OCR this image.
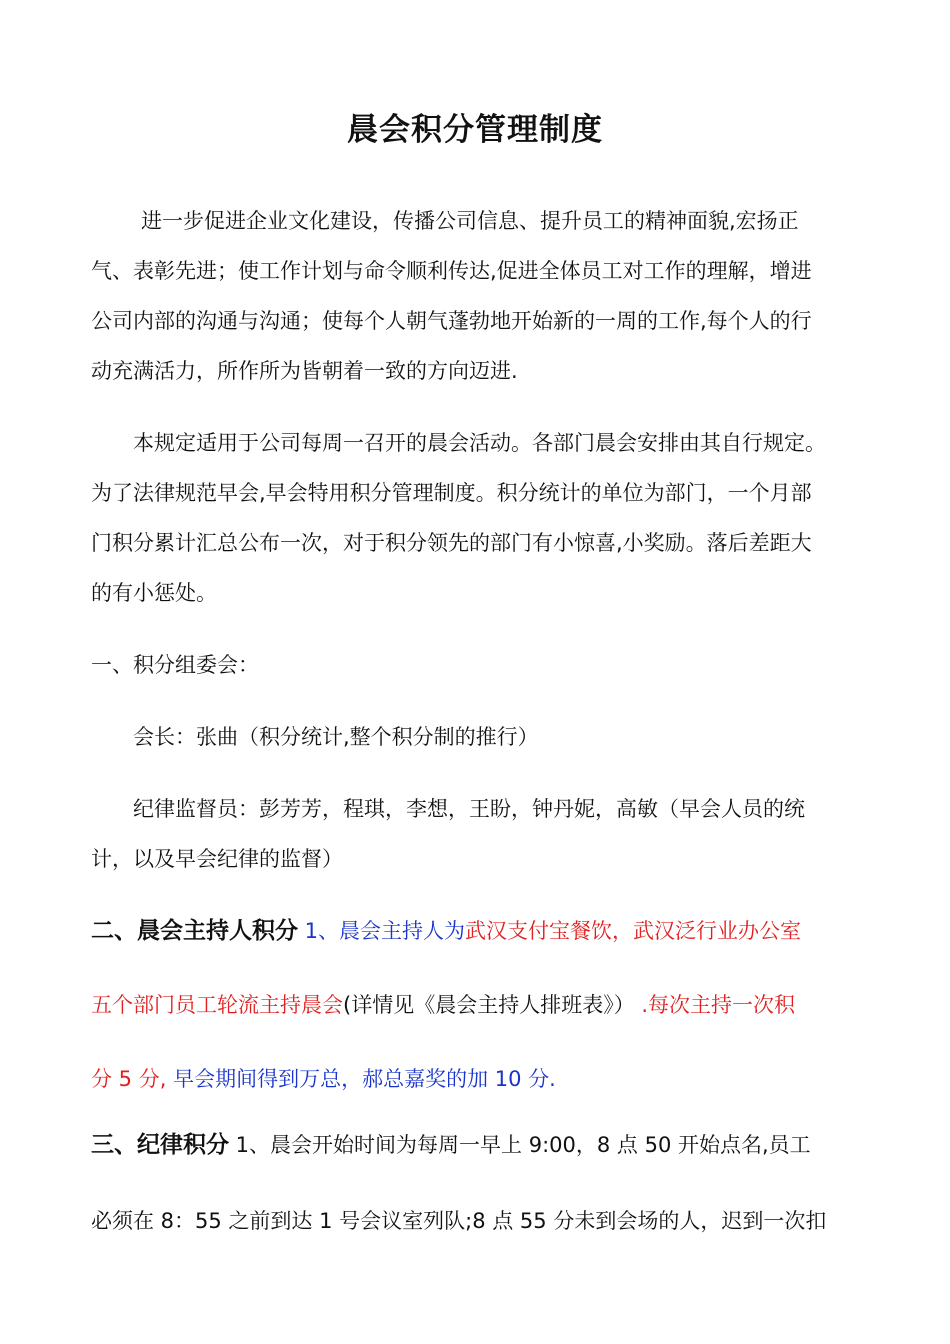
晨会积分管理制度

进一步促进企业文化建设，传播公司信息、提升员工的精神面貌,宏扬正

气、表彰先进；使工作计划与命令顺利传达,促进全体员工对工作的理解，增进

公司内部的沟通与沟通；使每个人朝气蓬勃地开始新的一周的工作,每个人的行

动充满活力，所作所为皆朝着一致的方向迈进.

本规定适用于公司每周一召开的晨会活动。各部门晨会安排由其自行规定。

为了法律规范早会,早会特用积分管理制度。积分统计的单位为部门，一个月部

门积分累计汇总公布一次，对于积分领先的部门有小惊喜,小奖励。落后差距大

的有小惩处。

一、积分组委会：

会长：张曲（积分统计,整个积分制的推行）

纪律监督员：彭芳芳，程琪，李想，王盼，钟丹妮，高敏（早会人员的统

计，以及早会纪律的监督）

二、晨会主持人积分 1、晨会主持人为武汉支付宝餐饮，武汉泛行业办公室

五个部门员工轮流主持晨会(详情见《晨会主持人排班表》） .每次主持一次积

分 5 分, 早会期间得到万总，郝总嘉奖的加 10 分.

三、纪律积分 1、晨会开始时间为每周一早上 9:00，8 点 50 开始点名,员工

必须在 8：55 之前到达 1 号会议室列队;8 点 55 分未到会场的人，迟到一次扣
